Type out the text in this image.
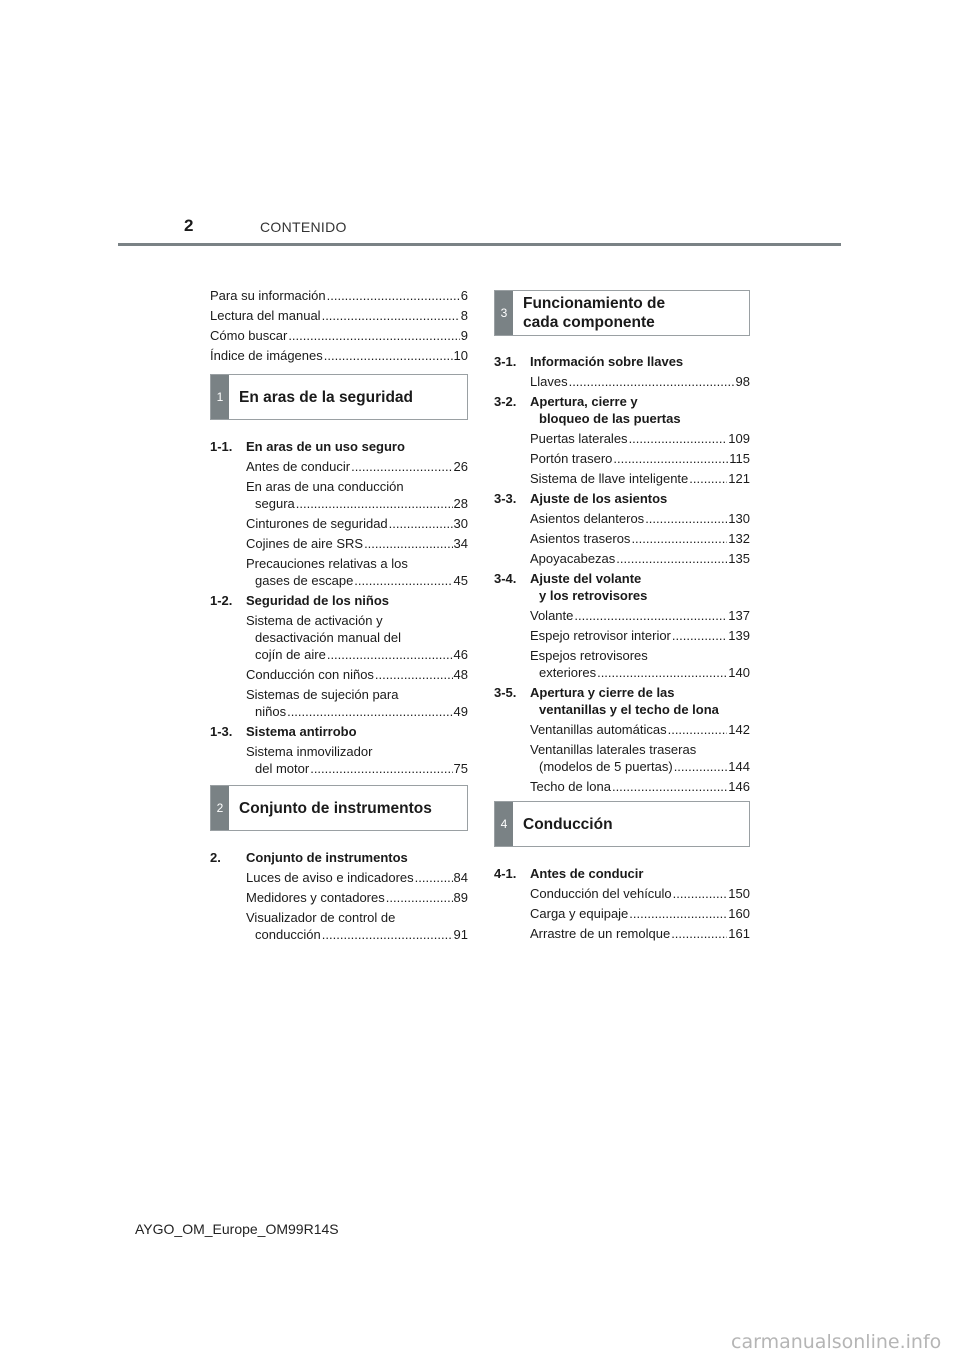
2	CONTENIDO
Para su información .....	6
Lectura del manual .....	8
Cómo buscar .....	9
Índice de imágenes .....	10
1	En aras de la seguridad
1-1.	En aras de un uso seguro
Antes de conducir .....	26
En aras de una conducción
segura .....	28
Cinturones de seguridad .....	30
Cojines de aire SRS .....	34
Precauciones relativas a los
gases de escape .....	45
1-2.	Seguridad de los niños
Sistema de activación y
desactivación manual del
cojín de aire .....	46
Conducción con niños .....	48
Sistemas de sujeción para
niños .....	49
1-3.	Sistema antirrobo
Sistema inmovilizador
del motor .....	75
2	Conjunto de instrumentos
2.	Conjunto de instrumentos
Luces de aviso e indicadores .....	84
Medidores y contadores .....	89
Visualizador de control de
conducción .....	91
3
Funcionamiento de
cada componente
3-1.	Información sobre llaves
Llaves .....	98
3-2.	Apertura, cierre y
bloqueo de las puertas
Puertas laterales .....	109
Portón trasero .....	115
Sistema de llave inteligente .....	121
3-3.	Ajuste de los asientos
Asientos delanteros .....	130
Asientos traseros .....	132
Apoyacabezas .....	135
3-4.	Ajuste del volante
y los retrovisores
Volante .....	137
Espejo retrovisor interior .....	139
Espejos retrovisores
exteriores .....	140
3-5.	Apertura y cierre de las
ventanillas y el techo de lona
Ventanillas automáticas .....	142
Ventanillas laterales traseras
(modelos de 5 puertas) .....	144
Techo de lona .....	146
4	Conducción
4-1.	Antes de conducir
Conducción del vehículo .....	150
Carga y equipaje .....	160
Arrastre de un remolque .....	161
AYGO_OM_Europe_OM99R14S
carmanualsonline.info
